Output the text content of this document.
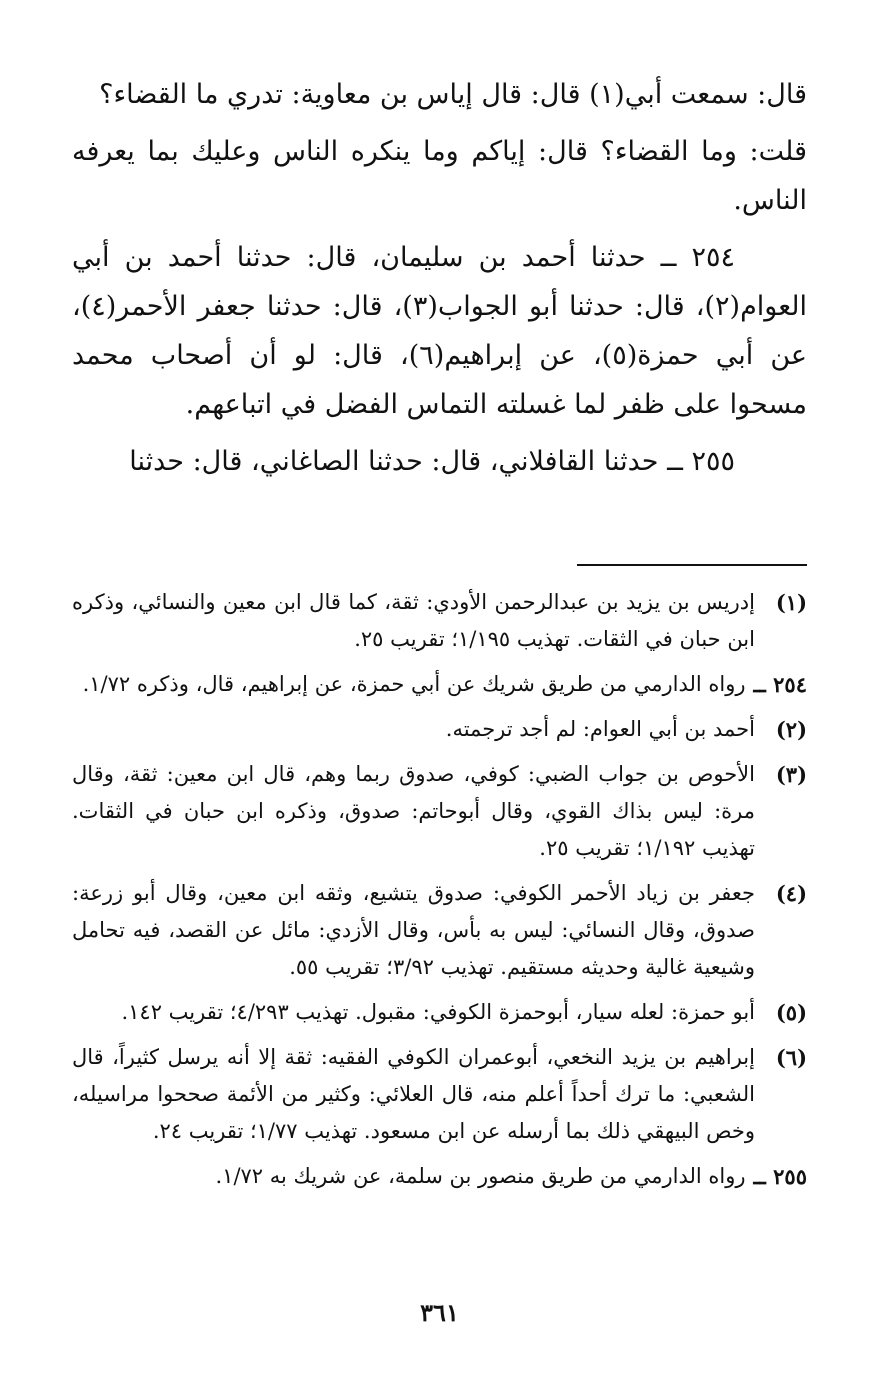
قال: سمعت أبي(١) قال: قال إياس بن معاوية: تدري ما القضاء؟

قلت: وما القضاء؟ قال: إياكم وما ينكره الناس وعليك بما يعرفه الناس.

٢٥٤ ــ حدثنا أحمد بن سليمان، قال: حدثنا أحمد بن أبي العوام(٢)، قال: حدثنا أبو الجواب(٣)، قال: حدثنا جعفر الأحمر(٤)، عن أبي حمزة(٥)، عن إبراهيم(٦)، قال: لو أن أصحاب محمد مسحوا على ظفر لما غسلته التماس الفضل في اتباعهم.

٢٥٥ ــ حدثنا القافلاني، قال: حدثنا الصاغاني، قال: حدثنا

(١)
إدريس بن يزيد بن عبدالرحمن الأودي: ثقة، كما قال ابن معين والنسائي، وذكره ابن حبان في الثقات. تهذيب ١/١٩٥؛ تقريب ٢٥.
٢٥٤ ــ
رواه الدارمي من طريق شريك عن أبي حمزة، عن إبراهيم، قال، وذكره ١/٧٢.
(٢)
أحمد بن أبي العوام: لم أجد ترجمته.
(٣)
الأحوص بن جواب الضبي: كوفي، صدوق ربما وهم، قال ابن معين: ثقة، وقال مرة: ليس بذاك القوي، وقال أبوحاتم: صدوق، وذكره ابن حبان في الثقات. تهذيب ١/١٩٢؛ تقريب ٢٥.
(٤)
جعفر بن زياد الأحمر الكوفي: صدوق يتشيع، وثقه ابن معين، وقال أبو زرعة: صدوق، وقال النسائي: ليس به بأس، وقال الأزدي: مائل عن القصد، فيه تحامل وشيعية غالية وحديثه مستقيم. تهذيب ٣/٩٢؛ تقريب ٥٥.
(٥)
أبو حمزة: لعله سيار، أبوحمزة الكوفي: مقبول. تهذيب ٤/٢٩٣؛ تقريب ١٤٢.
(٦)
إبراهيم بن يزيد النخعي، أبوعمران الكوفي الفقيه: ثقة إلا أنه يرسل كثيراً، قال الشعبي: ما ترك أحداً أعلم منه، قال العلائي: وكثير من الأئمة صححوا مراسيله، وخص البيهقي ذلك بما أرسله عن ابن مسعود. تهذيب ١/٧٧؛ تقريب ٢٤.
٢٥٥ ــ
رواه الدارمي من طريق منصور بن سلمة، عن شريك به ١/٧٢.
٣٦١
